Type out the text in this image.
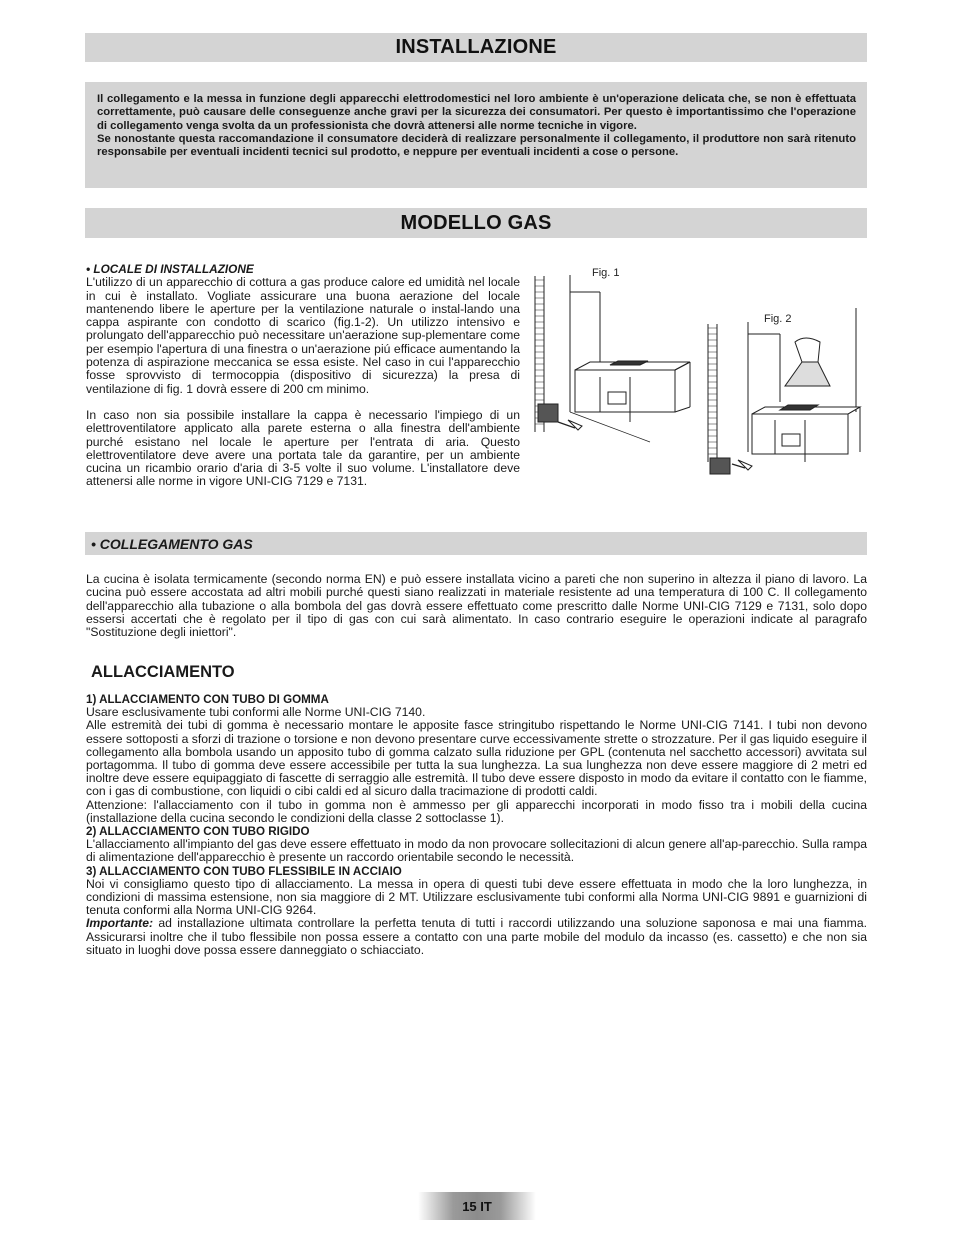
INSTALLAZIONE

Il collegamento e la messa in funzione degli apparecchi elettrodomestici nel loro ambiente è un'operazione delicata che, se non è effettuata correttamente, può causare delle conseguenze anche gravi per la sicurezza dei consumatori. Per questo è importantissimo che l'operazione di collegamento venga svolta da un professionista che dovrà attenersi alle norme tecniche in vigore.

Se nonostante questa raccomandazione il consumatore deciderà di realizzare personalmente il collegamento, il produttore non sarà ritenuto responsabile per eventuali incidenti tecnici sul prodotto, e neppure per eventuali incidenti a cose o persone.

MODELLO GAS

• LOCALE DI INSTALLAZIONE

L'utilizzo di un apparecchio di cottura a gas produce calore ed umidità nel locale in cui è installato. Vogliate assicurare una buona aerazione del locale mantenendo libere le aperture per la ventilazione naturale o instal-lando una cappa aspirante con condotto di scarico (fig.1-2). Un utilizzo intensivo e prolungato dell'apparecchio può necessitare un'aerazione sup-plementare come per esempio l'apertura di una finestra o un'aerazione piú efficace aumentando la potenza di aspirazione meccanica se essa esiste. Nel caso in cui l'apparecchio fosse sprovvisto di termocoppia (dispositivo di sicurezza) la presa di ventilazione di fig. 1 dovrà essere di 200 cm minimo.

In caso non sia possibile installare la cappa è necessario l'impiego di un elettroventilatore applicato alla parete esterna o alla finestra dell'ambiente purché esistano nel locale le aperture per l'entrata di aria. Questo elettroventilatore deve avere una portata tale da garantire, per un ambiente cucina un ricambio orario d'aria di 3-5 volte il suo volume. L'installatore deve attenersi alle norme in vigore UNI-CIG 7129 e 7131.

Fig. 1
Fig. 2
• COLLEGAMENTO GAS

La cucina è isolata termicamente (secondo norma EN) e può essere installata vicino a pareti che non superino in altezza il piano di lavoro. La cucina può essere accostata ad altri mobili purché questi siano realizzati in materiale resistente ad una temperatura di 100 C. Il collegamento dell'apparecchio alla tubazione o alla bombola del gas dovrà essere effettuato come prescritto dalle Norme UNI-CIG 7129 e 7131, solo dopo essersi accertati che è regolato per il tipo di gas con cui sarà alimentato. In caso contrario eseguire le operazioni indicate al paragrafo "Sostituzione degli iniettori".

ALLACCIAMENTO

1) ALLACCIAMENTO CON TUBO DI GOMMA

Usare esclusivamente tubi conformi alle Norme UNI-CIG 7140.

Alle estremità dei tubi di gomma è necessario montare le apposite fasce stringitubo rispettando le Norme UNI-CIG 7141. I tubi non devono essere sottoposti a sforzi di trazione o torsione e non devono presentare curve eccessivamente strette o strozzature. Per il gas liquido eseguire il collegamento alla bombola usando un apposito tubo di gomma calzato sulla riduzione per GPL (contenuta nel sacchetto accessori) avvitata sul portagomma. Il tubo di gomma deve essere accessibile per tutta la sua lunghezza. La sua lunghezza non deve essere maggiore di 2 metri ed inoltre deve essere equipaggiato di fascette di serraggio alle estremità. Il tubo deve essere disposto in modo da evitare il contatto con le fiamme, con i gas di combustione, con liquidi o cibi caldi ed al sicuro dalla tracimazione di prodotti caldi.

Attenzione: l'allacciamento con il tubo in gomma non è ammesso per gli apparecchi incorporati in modo fisso tra i mobili della cucina (installazione della cucina secondo le condizioni della classe 2 sottoclasse 1).

2) ALLACCIAMENTO CON TUBO RIGIDO

L'allacciamento all'impianto del gas deve essere effettuato in modo da non provocare sollecitazioni di alcun genere all'ap-parecchio. Sulla rampa di alimentazione dell'apparecchio è presente un raccordo orientabile secondo le necessità.

3) ALLACCIAMENTO CON TUBO FLESSIBILE IN ACCIAIO

Noi vi consigliamo questo tipo di allacciamento. La messa in opera di questi tubi deve essere effettuata in modo che la loro lunghezza, in condizioni di massima estensione, non sia maggiore di 2 MT. Utilizzare esclusivamente tubi conformi alla Norma UNI-CIG 9891 e guarnizioni di tenuta conformi alla Norma UNI-CIG 9264.

Importante: ad installazione ultimata controllare la perfetta tenuta di tutti i raccordi utilizzando una soluzione saponosa e mai una fiamma. Assicurarsi inoltre che il tubo flessibile non possa essere a contatto con una parte mobile del modulo da incasso (es. cassetto) e che non sia situato in luoghi dove possa essere danneggiato o schiacciato.

15 IT
